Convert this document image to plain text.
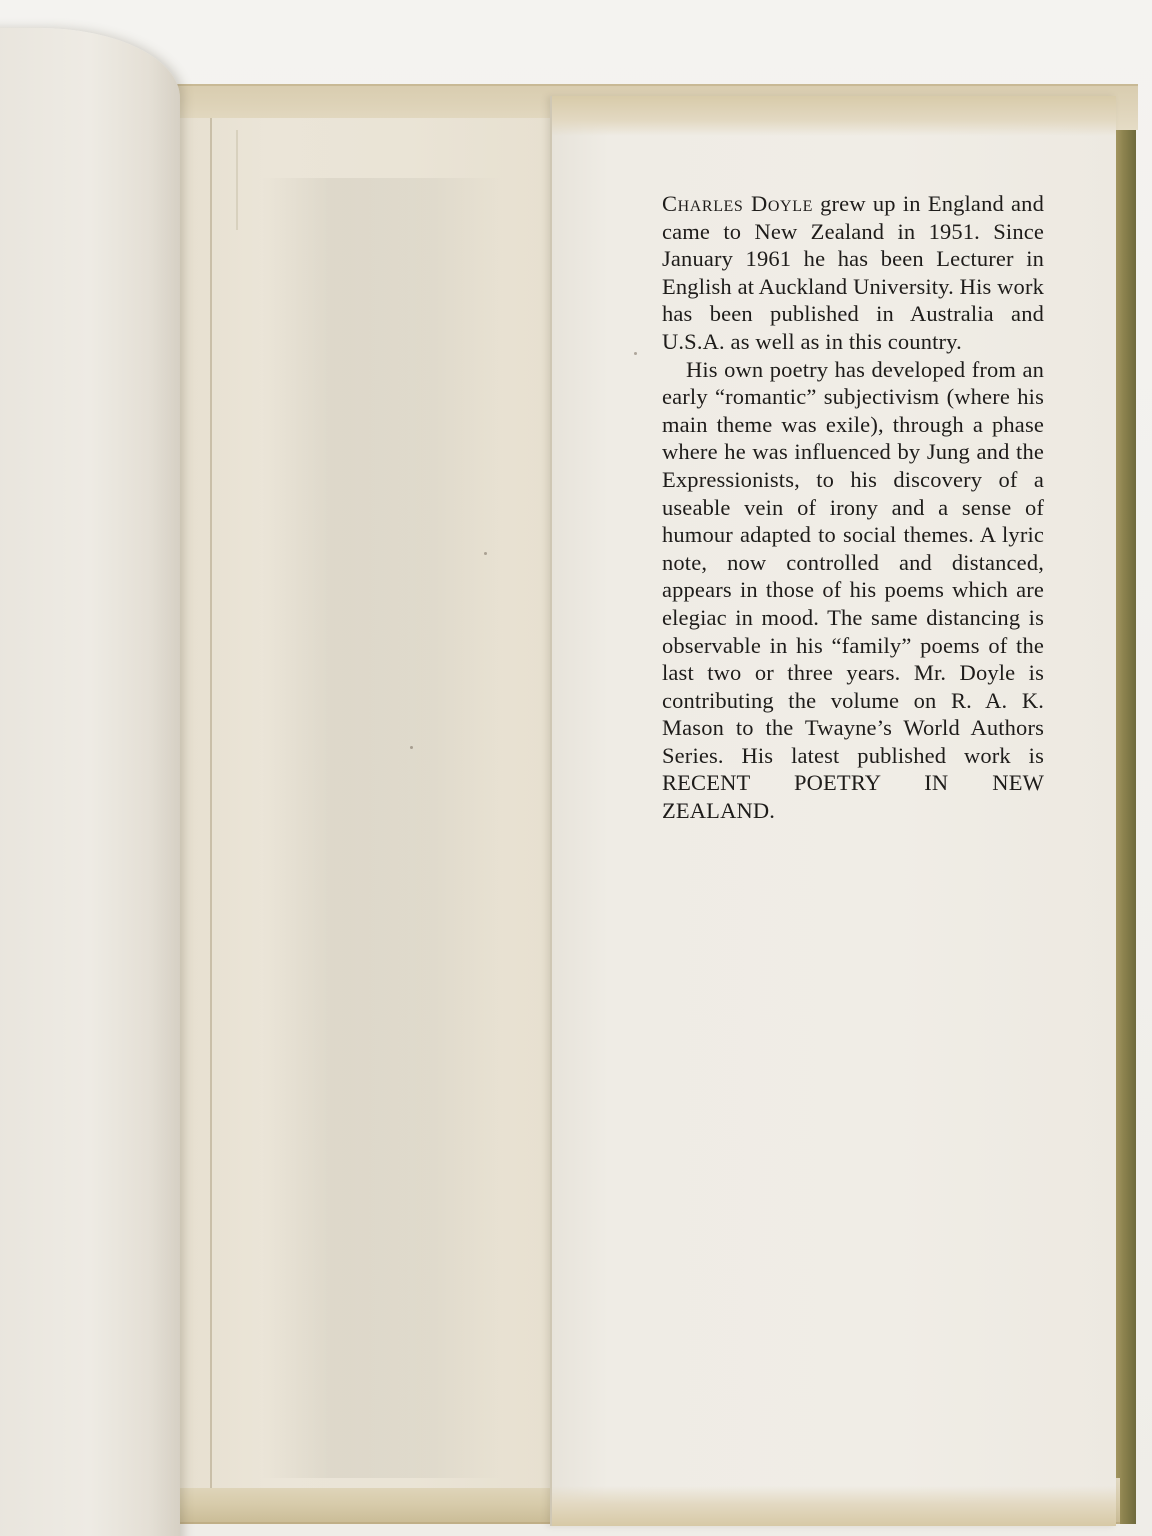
Charles Doyle grew up in England and came to New Zealand in 1951. Since January 1961 he has been Lecturer in English at Auckland University. His work has been published in Australia and U.S.A. as well as in this country.

His own poetry has developed from an early “romantic” subjectivism (where his main theme was exile), through a phase where he was influenced by Jung and the Expressionists, to his discovery of a useable vein of irony and a sense of humour adapted to social themes. A lyric note, now controlled and distanced, appears in those of his poems which are elegiac in mood. The same distancing is observable in his “family” poems of the last two or three years. Mr. Doyle is contributing the volume on R. A. K. Mason to the Twayne’s World Authors Series. His latest published work is RECENT POETRY IN NEW ZEALAND.
